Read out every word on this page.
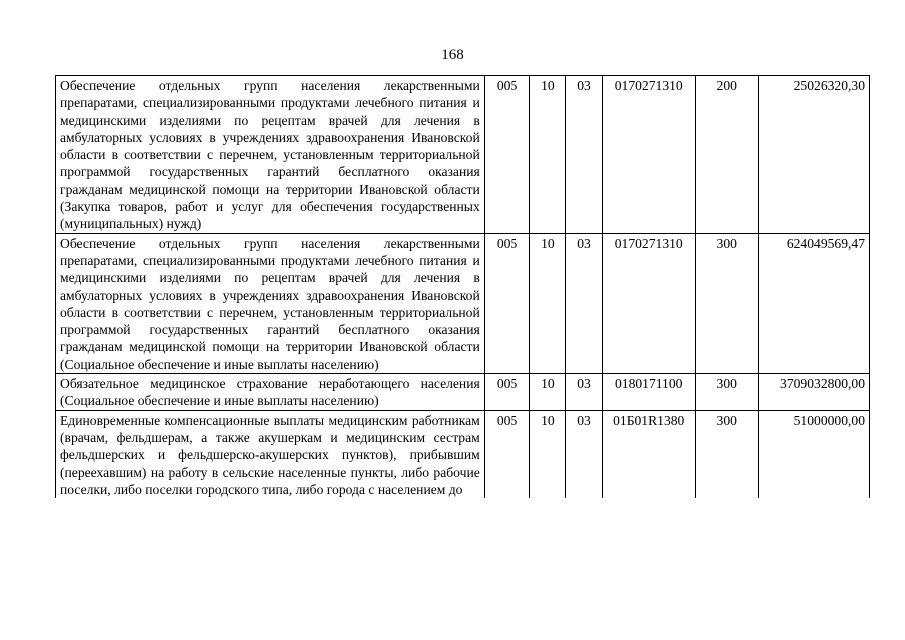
168
Обеспечение отдельных групп населения лекарственными препаратами, специализированными продуктами лечебного питания и медицинскими изделиями по рецептам врачей для лечения в амбулаторных условиях в учреждениях здравоохранения Ивановской области в соответствии с перечнем, установленным территориальной программой государственных гарантий бесплатного оказания гражданам медицинской помощи на территории Ивановской области (Закупка товаров, работ и услуг для обеспечения государственных (муниципальных) нужд)	005	10	03	0170271310	200	25026320,30
Обеспечение отдельных групп населения лекарственными препаратами, специализированными продуктами лечебного питания и медицинскими изделиями по рецептам врачей для лечения в амбулаторных условиях в учреждениях здравоохранения Ивановской области в соответствии с перечнем, установленным территориальной программой государственных гарантий бесплатного оказания гражданам медицинской помощи на территории Ивановской области (Социальное обеспечение и иные выплаты населению)	005	10	03	0170271310	300	624049569,47
Обязательное медицинское страхование неработающего населения (Социальное обеспечение и иные выплаты населению)	005	10	03	0180171100	300	3709032800,00

Единовременные компенсационные выплаты медицинским работникам (врачам, фельдшерам, а также акушеркам и медицинским сестрам фельдшерских и фельдшерско-акушерских пунктов), прибывшим (переехавшим) на работу в сельские населенные пункты, либо рабочие поселки, либо поселки городского типа, либо города с населением до	005	10	03	01Б01R1380	300	51000000,00
